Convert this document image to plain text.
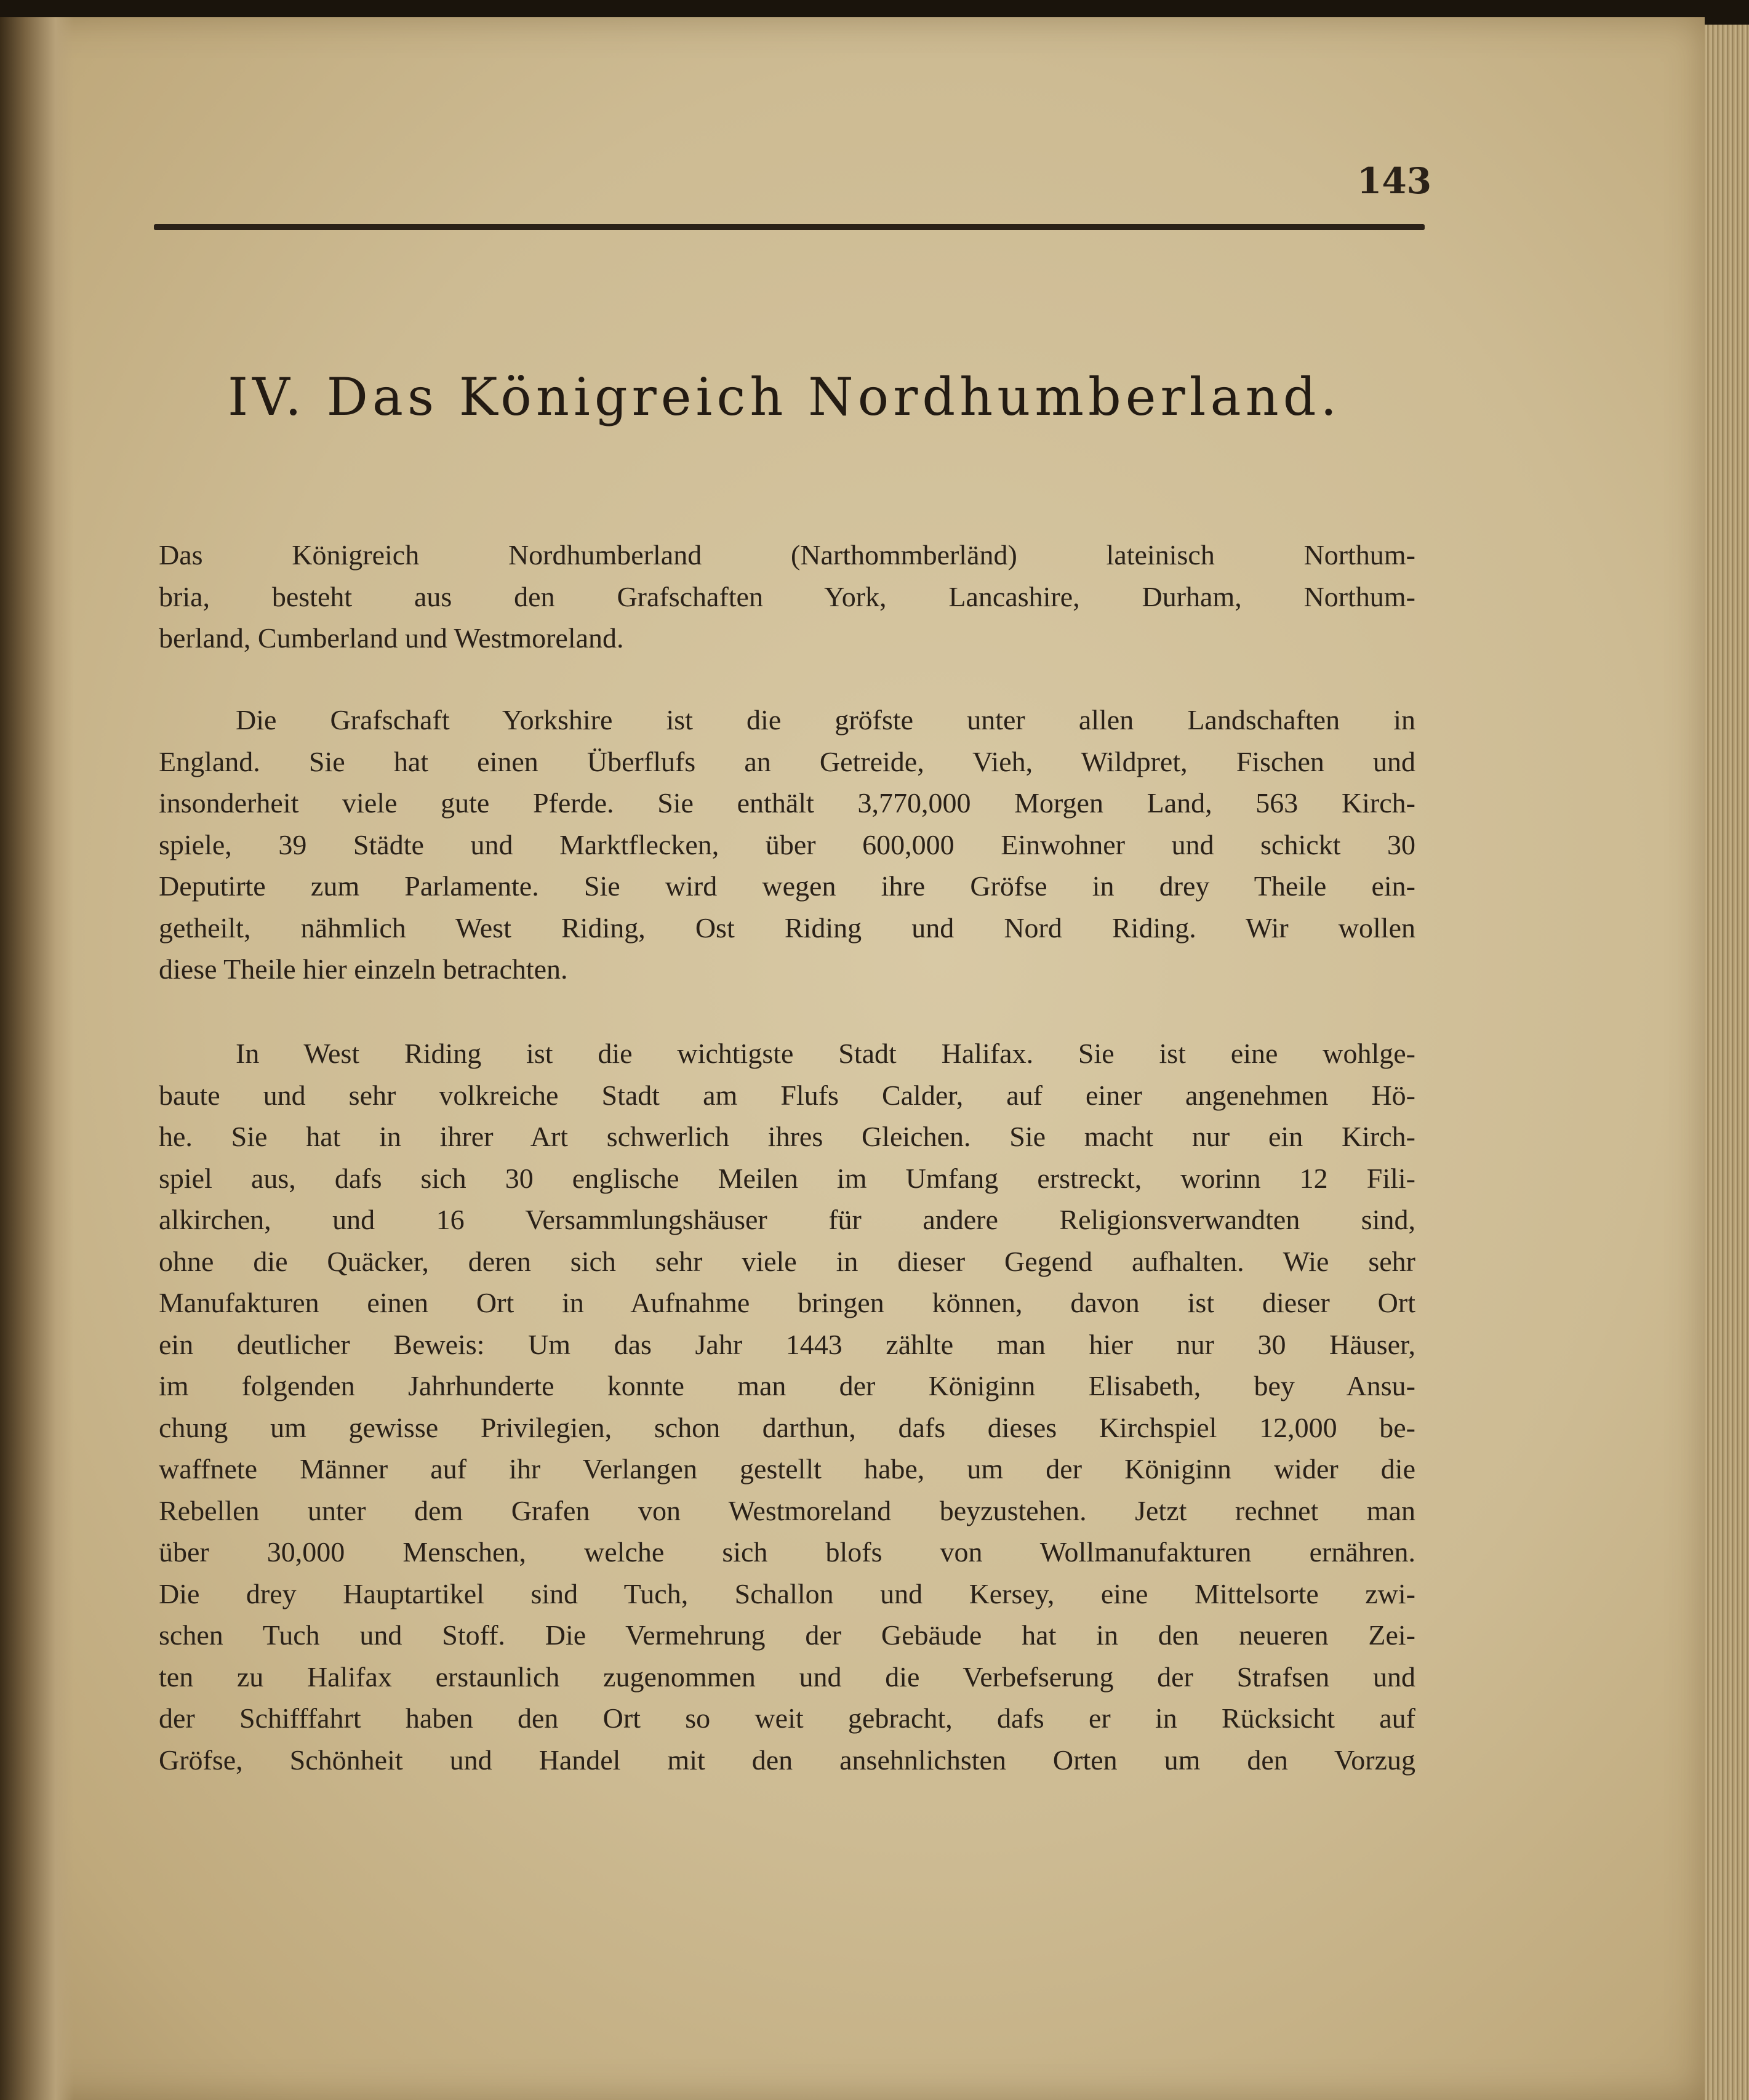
143
IV. Das Königreich Nordhumberland.
Das Königreich Nordhumberland (Narthommberländ) lateinisch Northum-
bria, besteht aus den Grafschaften York, Lancashire, Durham, Northum-
berland, Cumberland und Westmoreland.
Die Grafschaft Yorkshire ist die gröfste unter allen Landschaften in
England. Sie hat einen Überflufs an Getreide, Vieh, Wildpret, Fischen und
insonderheit viele gute Pferde. Sie enthält 3,770,000 Morgen Land, 563 Kirch-
spiele, 39 Städte und Marktflecken, über 600,000 Einwohner und schickt 30
Deputirte zum Parlamente. Sie wird wegen ihre Gröfse in drey Theile ein-
getheilt, nähmlich West Riding, Ost Riding und Nord Riding. Wir wollen
diese Theile hier einzeln betrachten.
In West Riding ist die wichtigste Stadt Halifax. Sie ist eine wohlge-
baute und sehr volkreiche Stadt am Flufs Calder, auf einer angenehmen Hö-
he. Sie hat in ihrer Art schwerlich ihres Gleichen. Sie macht nur ein Kirch-
spiel aus, dafs sich 30 englische Meilen im Umfang erstreckt, worinn 12 Fili-
alkirchen, und 16 Versammlungshäuser für andere Religionsverwandten sind,
ohne die Quäcker, deren sich sehr viele in dieser Gegend aufhalten. Wie sehr
Manufakturen einen Ort in Aufnahme bringen können, davon ist dieser Ort
ein deutlicher Beweis: Um das Jahr 1443 zählte man hier nur 30 Häuser,
im folgenden Jahrhunderte konnte man der Königinn Elisabeth, bey Ansu-
chung um gewisse Privilegien, schon darthun, dafs dieses Kirchspiel 12,000 be-
waffnete Männer auf ihr Verlangen gestellt habe, um der Königinn wider die
Rebellen unter dem Grafen von Westmoreland beyzustehen. Jetzt rechnet man
über 30,000 Menschen, welche sich blofs von Wollmanufakturen ernähren.
Die drey Hauptartikel sind Tuch, Schallon und Kersey, eine Mittelsorte zwi-
schen Tuch und Stoff. Die Vermehrung der Gebäude hat in den neueren Zei-
ten zu Halifax erstaunlich zugenommen und die Verbefserung der Strafsen und
der Schifffahrt haben den Ort so weit gebracht, dafs er in Rücksicht auf
Gröfse, Schönheit und Handel mit den ansehnlichsten Orten um den Vorzug
